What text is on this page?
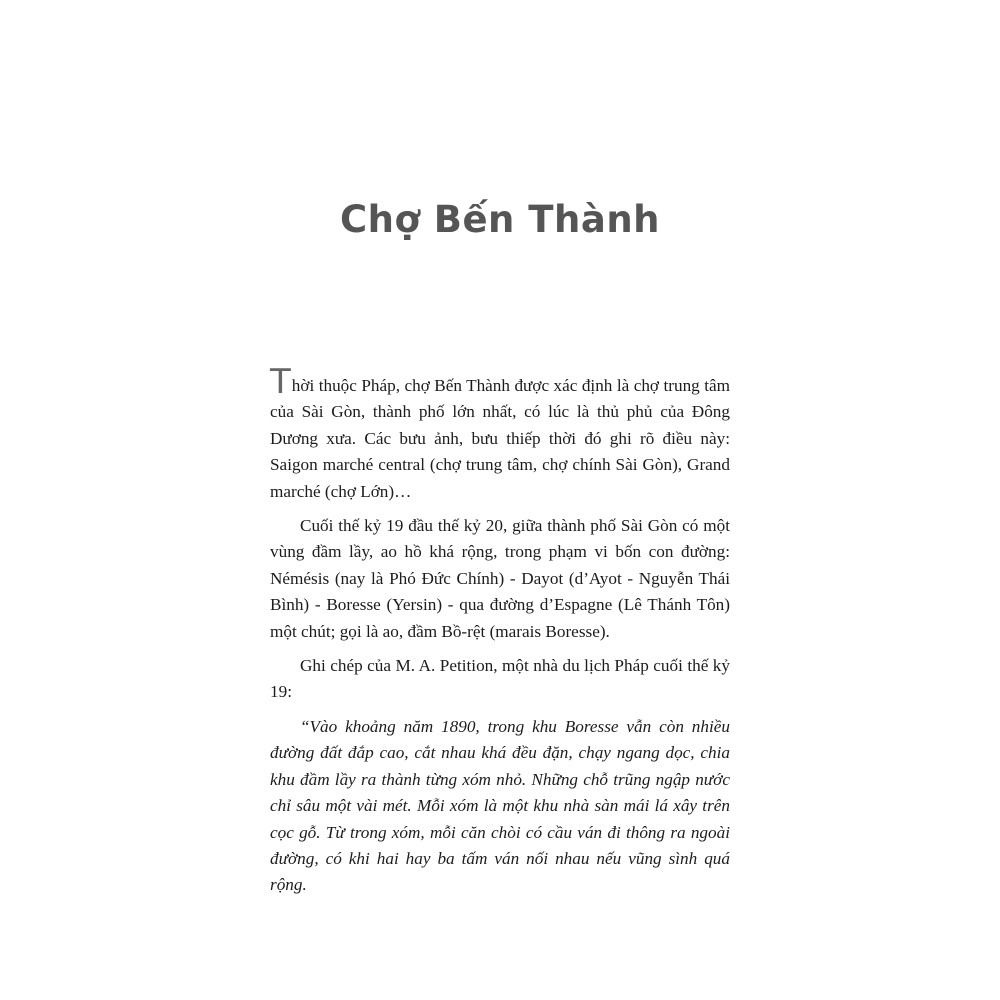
Chợ Bến Thành

Thời thuộc Pháp, chợ Bến Thành được xác định là chợ trung tâm của Sài Gòn, thành phố lớn nhất, có lúc là thủ phủ của Đông Dương xưa. Các bưu ảnh, bưu thiếp thời đó ghi rõ điều này: Saigon marché central (chợ trung tâm, chợ chính Sài Gòn), Grand marché (chợ Lớn)…

Cuối thế kỷ 19 đầu thế kỷ 20, giữa thành phố Sài Gòn có một vùng đầm lầy, ao hồ khá rộng, trong phạm vi bốn con đường: Némésis (nay là Phó Đức Chính) - Dayot (d’Ayot - Nguyễn Thái Bình) - Boresse (Yersin) - qua đường d’Espagne (Lê Thánh Tôn) một chút; gọi là ao, đầm Bồ-rệt (marais Boresse).

Ghi chép của M. A. Petition, một nhà du lịch Pháp cuối thế kỷ 19:

“Vào khoảng năm 1890, trong khu Boresse vẫn còn nhiều đường đất đắp cao, cắt nhau khá đều đặn, chạy ngang dọc, chia khu đầm lầy ra thành từng xóm nhỏ. Những chỗ trũng ngập nước chỉ sâu một vài mét. Mỗi xóm là một khu nhà sàn mái lá xây trên cọc gỗ. Từ trong xóm, mỗi căn chòi có cầu ván đi thông ra ngoài đường, có khi hai hay ba tấm ván nối nhau nếu vũng sình quá rộng.
